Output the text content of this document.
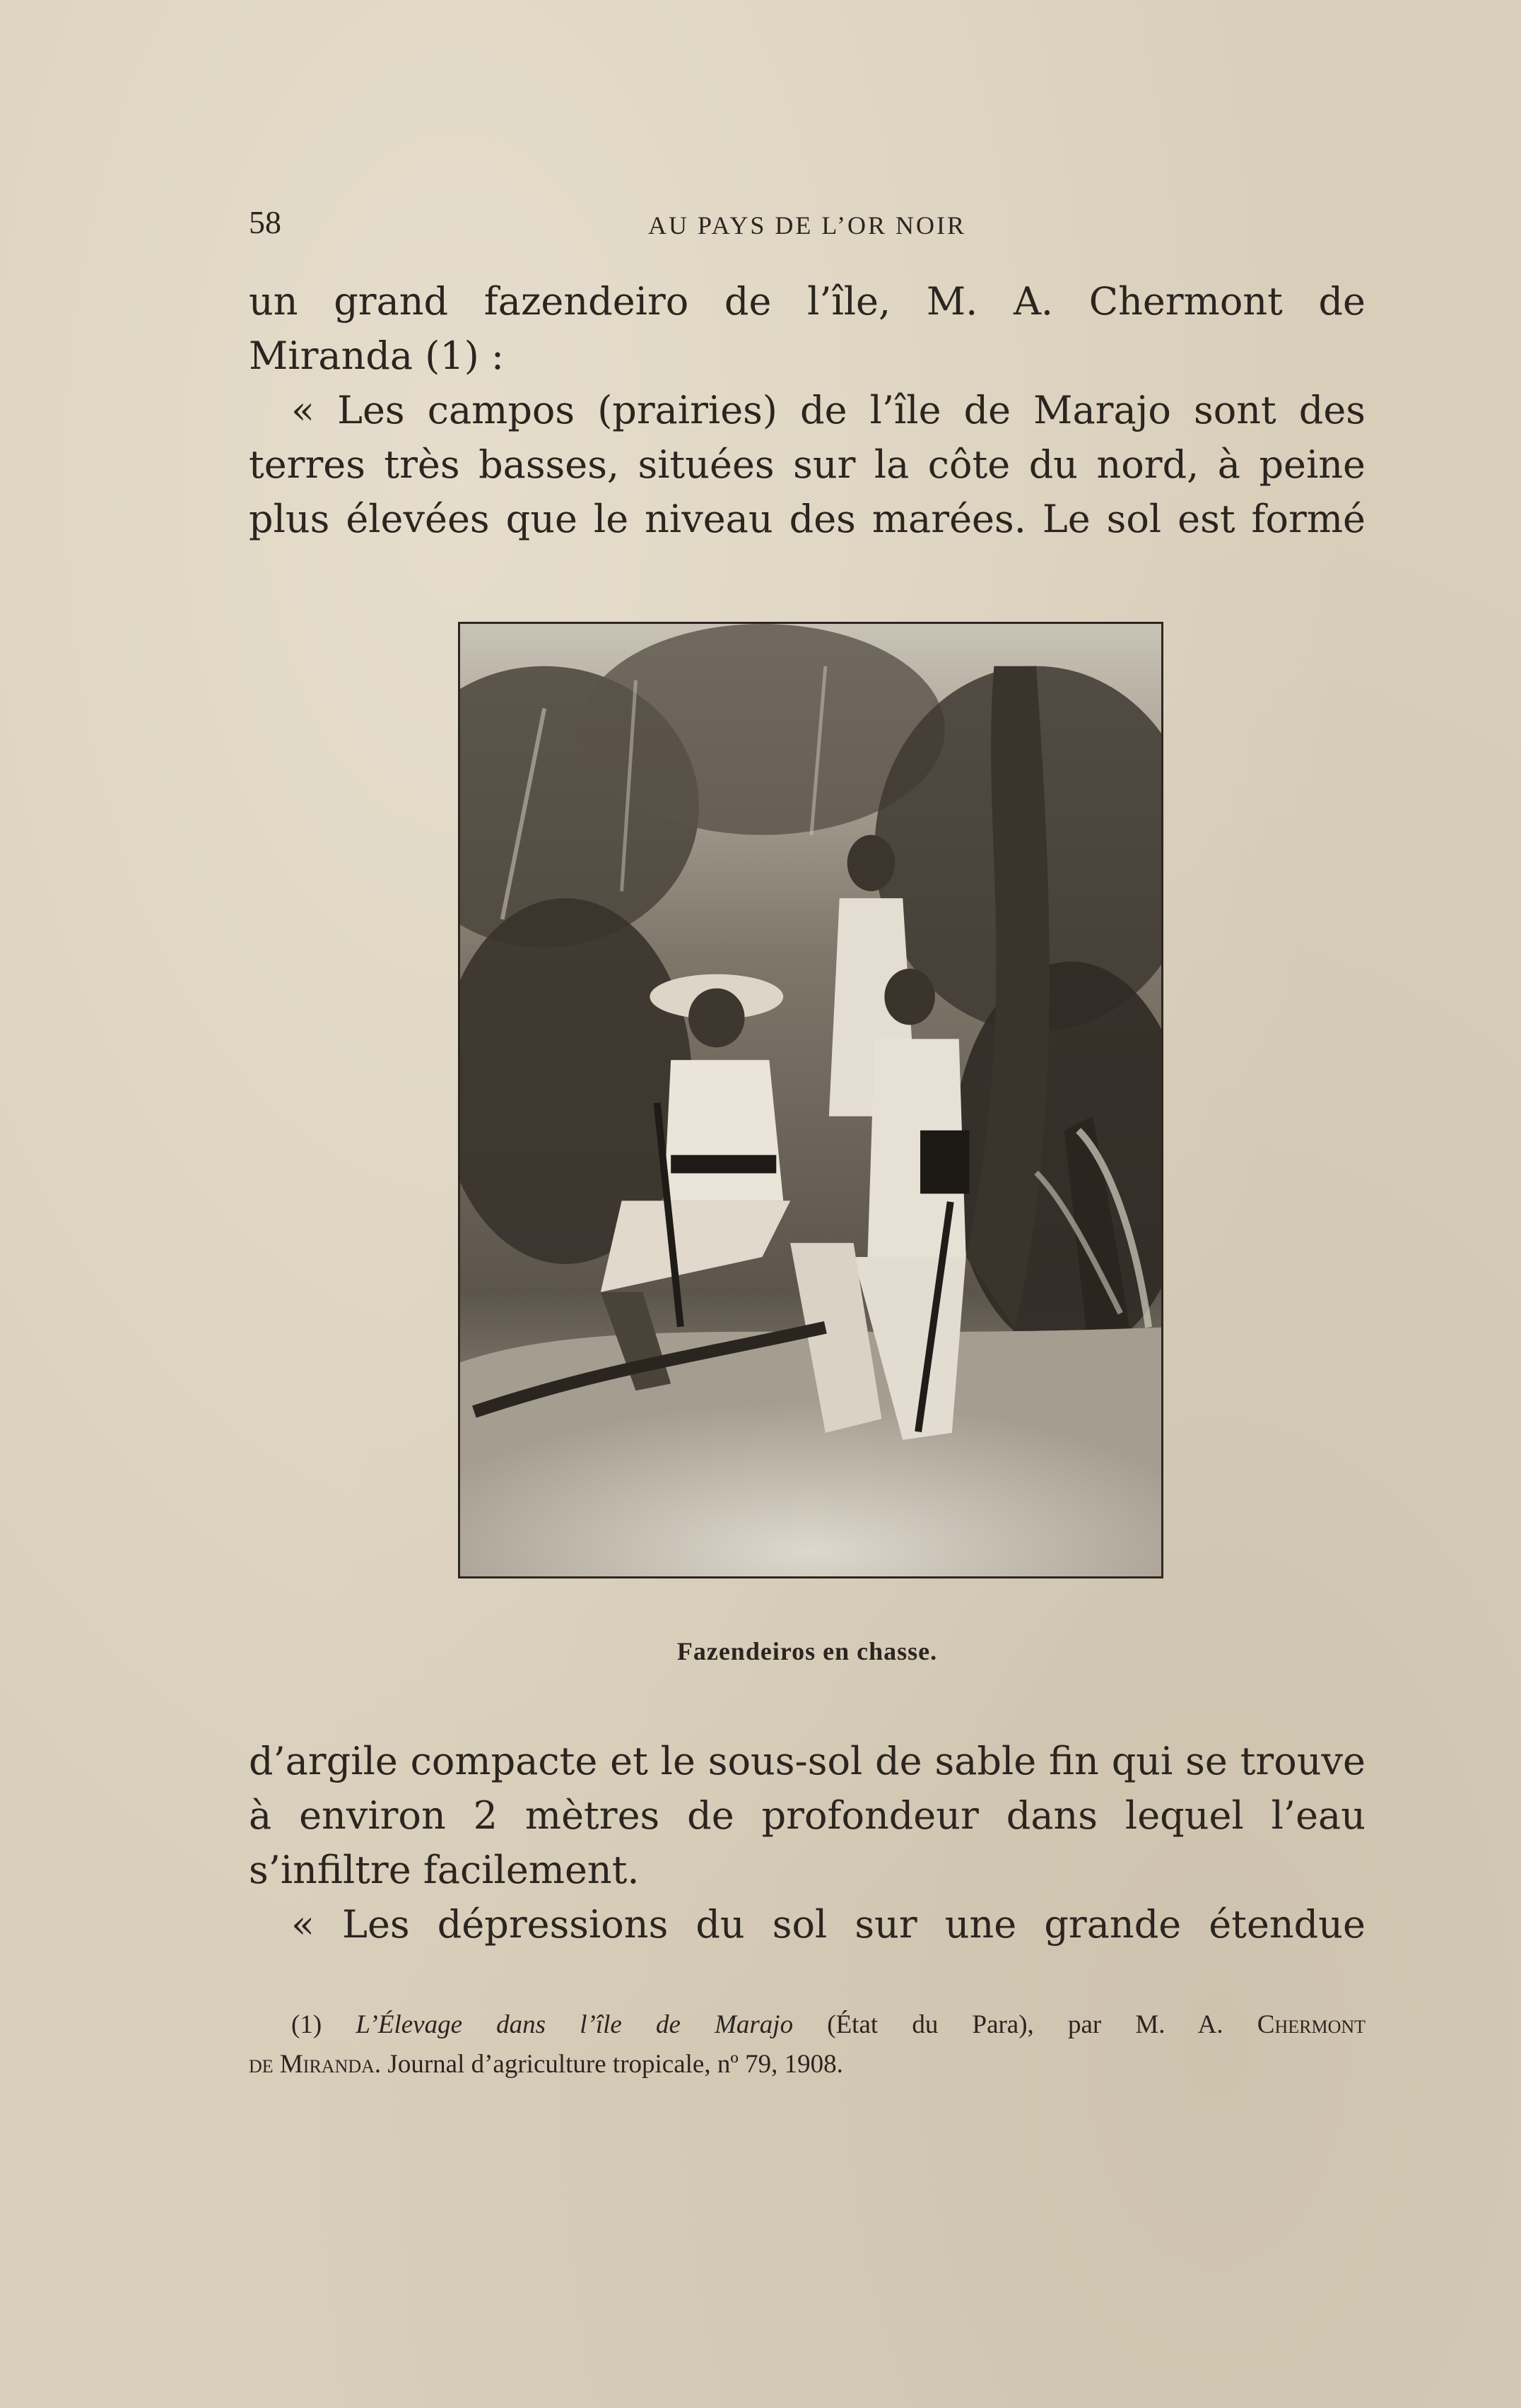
58	AU PAYS DE L’OR NOIR

un grand fazendeiro de l’île, M. A. Chermont de

Miranda (1) :

« Les campos (prairies) de l’île de Marajo sont des

terres très basses, situées sur la côte du nord, à peine

plus élevées que le niveau des marées. Le sol est formé

Fazendeiros en chasse.

d’argile compacte et le sous-sol de sable fin qui se trouve

à environ 2 mètres de profondeur dans lequel l’eau

s’infiltre facilement.

« Les dépressions du sol sur une grande étendue

(1) L’Élevage dans l’île de Marajo (État du Para), par M. A. Chermont

de Miranda. Journal d’agriculture tropicale, nº 79, 1908.
